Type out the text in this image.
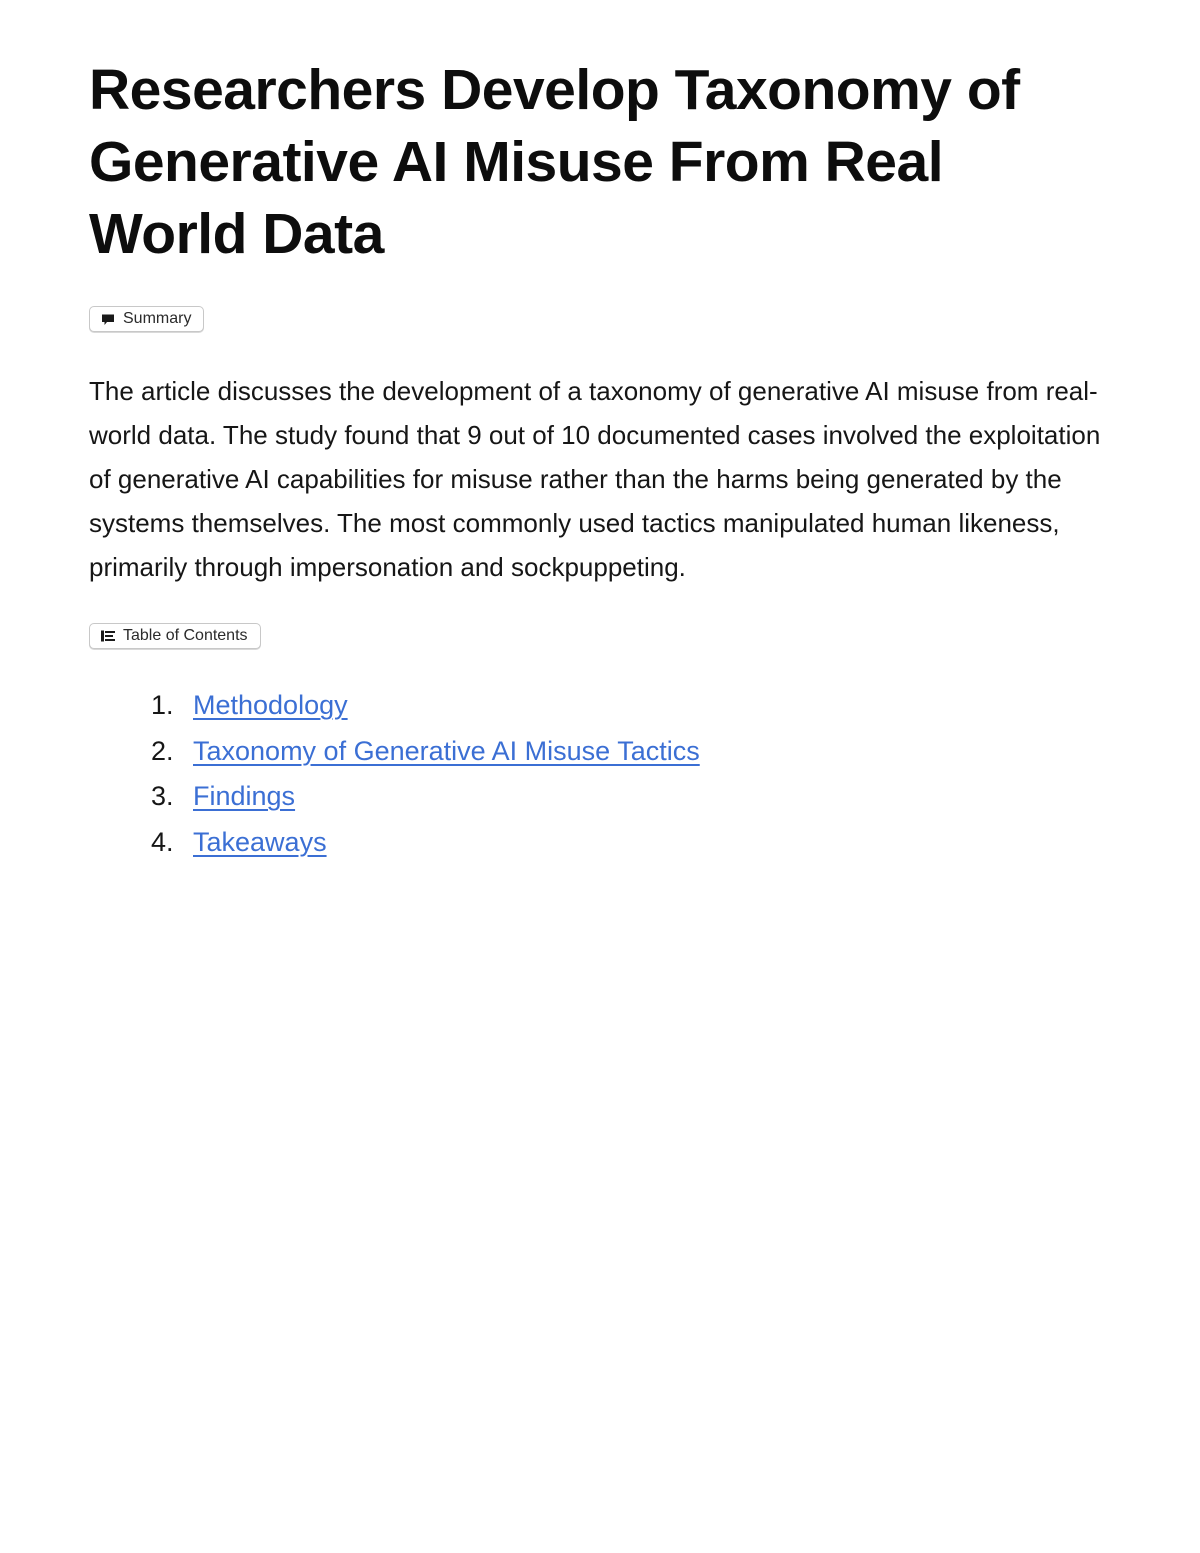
Researchers Develop Taxonomy of Generative AI Misuse From Real World Data
Summary

The article discusses the development of a taxonomy of generative AI misuse from real-world data. The study found that 9 out of 10 documented cases involved the exploitation of generative AI capabilities for misuse rather than the harms being generated by the systems themselves. The most commonly used tactics manipulated human likeness, primarily through impersonation and sockpuppeting.

Table of Contents
1. Methodology
2. Taxonomy of Generative AI Misuse Tactics
3. Findings
4. Takeaways
